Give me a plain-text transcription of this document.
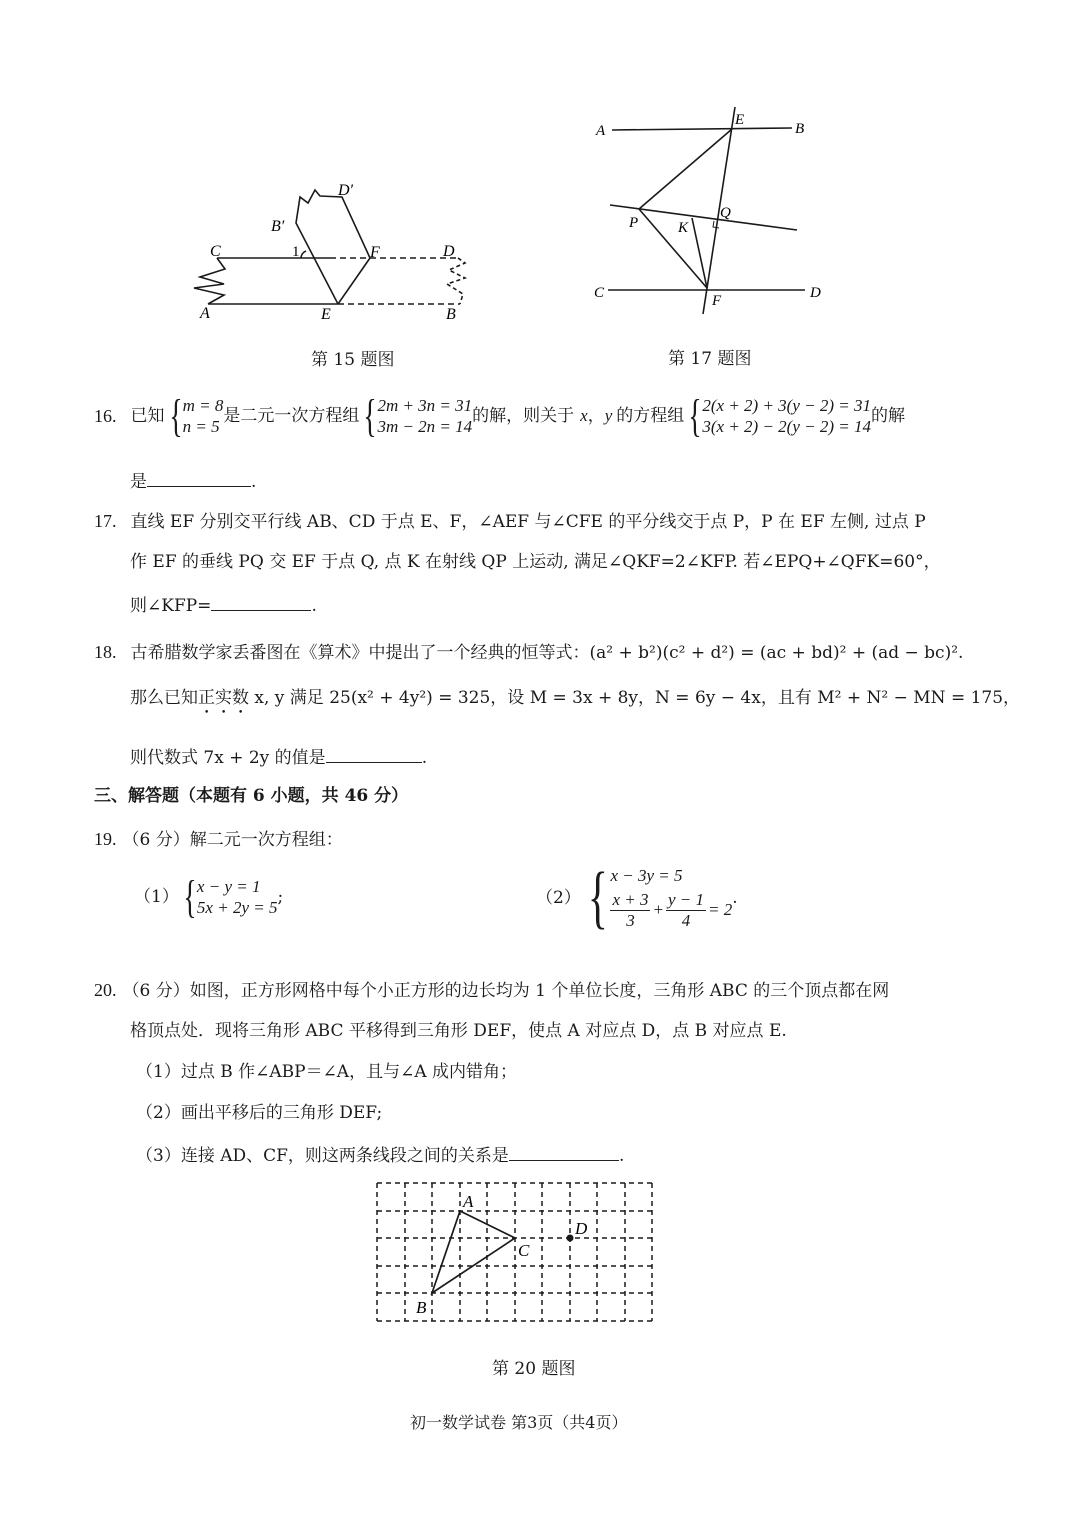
A
C
E
F	D
B
B′
D′
1
第 15 题图
A	B
E
P
Q
K
C	D
F
第 17 题图
16. 已知 { m = 8
n = 5
是二元一次方程组 { 2m + 3n = 31
3m − 2n = 14
的解，则关于 x ， y 的方程组 { 2(x + 2) + 3(y − 2) = 31
3(x + 2) − 2(y − 2) = 14
的解
是	.
17. 直线 EF 分别交平行线 AB、CD 于点 E、F，∠AEF 与∠CFE 的平分线交于点 P，P 在 EF 左侧, 过点 P
作 EF 的垂线 PQ 交 EF 于点 Q, 点 K 在射线 QP 上运动, 满足∠QKF=2∠KFP. 若∠EPQ+∠QFK=60°，
则∠KFP=	.
18. 古希腊数学家丢番图在《算术》中提出了一个经典的恒等式：(a² + b²)(c² + d²) = (ac + bd)² + (ad − bc)².
那么已知正实数 x, y 满足 25(x² + 4y²) = 325，设 M = 3x + 8y，N = 6y − 4x，且有 M² + N² − MN = 175，
则代数式 7x + 2y 的值是	.
三、解答题（本题有 6 小题，共 46 分）
19. （6 分）解二元一次方程组：
（1） { x − y = 1
5x + 2y = 5
;	（2） { x − 3y = 5
$\frac{x + 3}{3} + \frac{y - 1}{4} = 2$
.
20. （6 分）如图，正方形网格中每个小正方形的边长均为 1 个单位长度，三角形 ABC 的三个顶点都在网
格顶点处．现将三角形 ABC 平移得到三角形 DEF，使点 A 对应点 D，点 B 对应点 E.
（1）过点 B 作∠ABP＝∠A，且与∠A 成内错角；
（2）画出平移后的三角形 DEF;
（3）连接 AD、CF，则这两条线段之间的关系是	.
A
B
C
D
第 20 题图
初一数学试卷 第3页（共4页）
